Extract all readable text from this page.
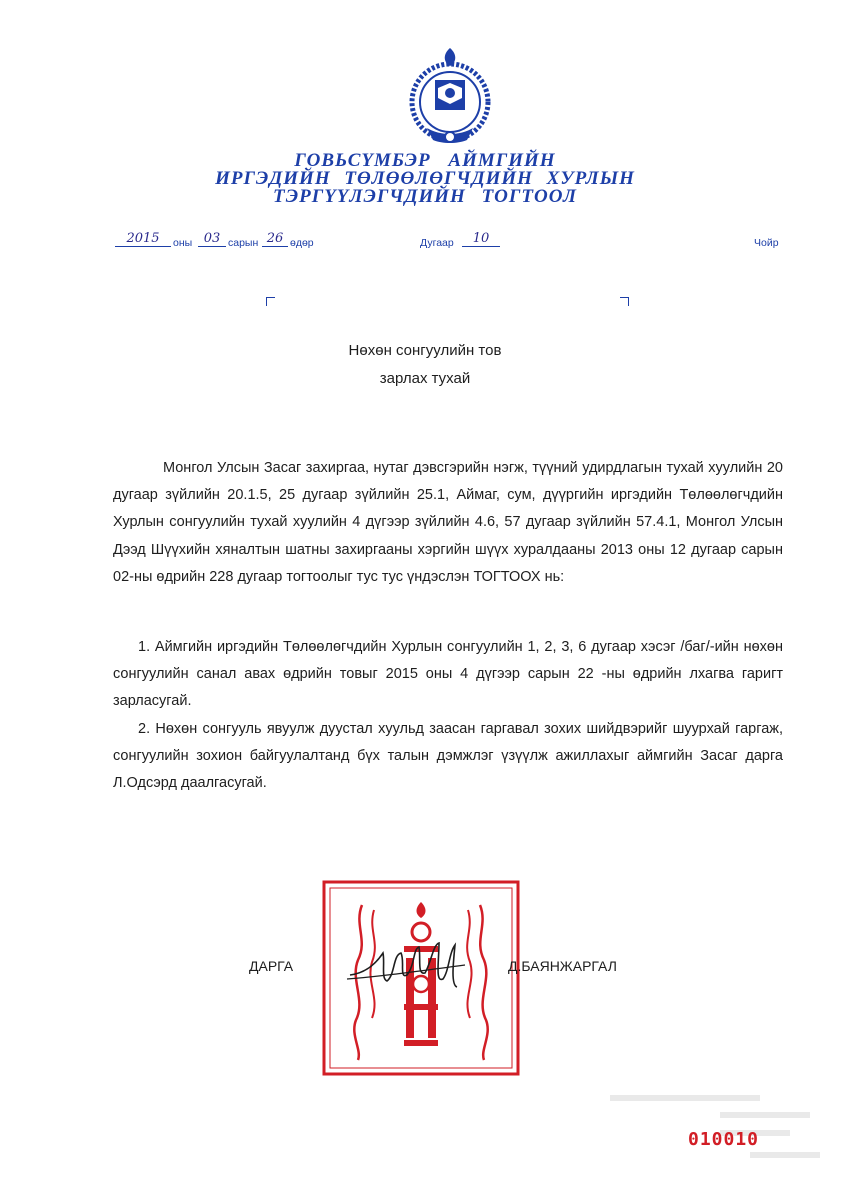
ГОВЬСҮМБЭР АЙМГИЙН
ИРГЭДИЙН ТӨЛӨӨЛӨГЧДИЙН ХУРЛЫН
ТЭРГҮҮЛЭГЧДИЙН ТОГТООЛ
2015	оны 03 сарын 26 өдөр	Дугаар	10	Чойр
Нөхөн сонгуулийн тов
зарлах тухай
Монгол Улсын Засаг захиргаа, нутаг дэвсгэрийн нэгж, түүний удирдлагын тухай хуулийн 20 дугаар зүйлийн 20.1.5, 25 дугаар зүйлийн 25.1, Аймаг, сум, дүүргийн иргэдийн Төлөөлөгчдийн Хурлын сонгуулийн тухай хуулийн 4 дүгээр зүйлийн 4.6, 57 дугаар зүйлийн 57.4.1, Монгол Улсын Дээд Шүүхийн хяналтын шатны захиргааны хэргийн шүүх хуралдааны 2013 оны 12 дугаар сарын 02-ны өдрийн 228 дугаар тогтоолыг тус тус үндэслэн ТОГТООХ нь:
1. Аймгийн иргэдийн Төлөөлөгчдийн Хурлын сонгуулийн 1, 2, 3, 6 дугаар хэсэг /баг/-ийн нөхөн сонгуулийн санал авах өдрийн товыг 2015 оны 4 дүгээр сарын 22 -ны өдрийн лхагва гаригт зарласугай.
2. Нөхөн сонгууль явуулж дуустал хуульд заасан гаргавал зохих шийдвэрийг шуурхай гаргаж, сонгуулийн зохион байгуулалтанд бүх талын дэмжлэг үзүүлж ажиллахыг аймгийн Засаг дарга Л.Одсэрд даалгасугай.
ДАРГА	Д.БАЯНЖАРГАЛ
010010
